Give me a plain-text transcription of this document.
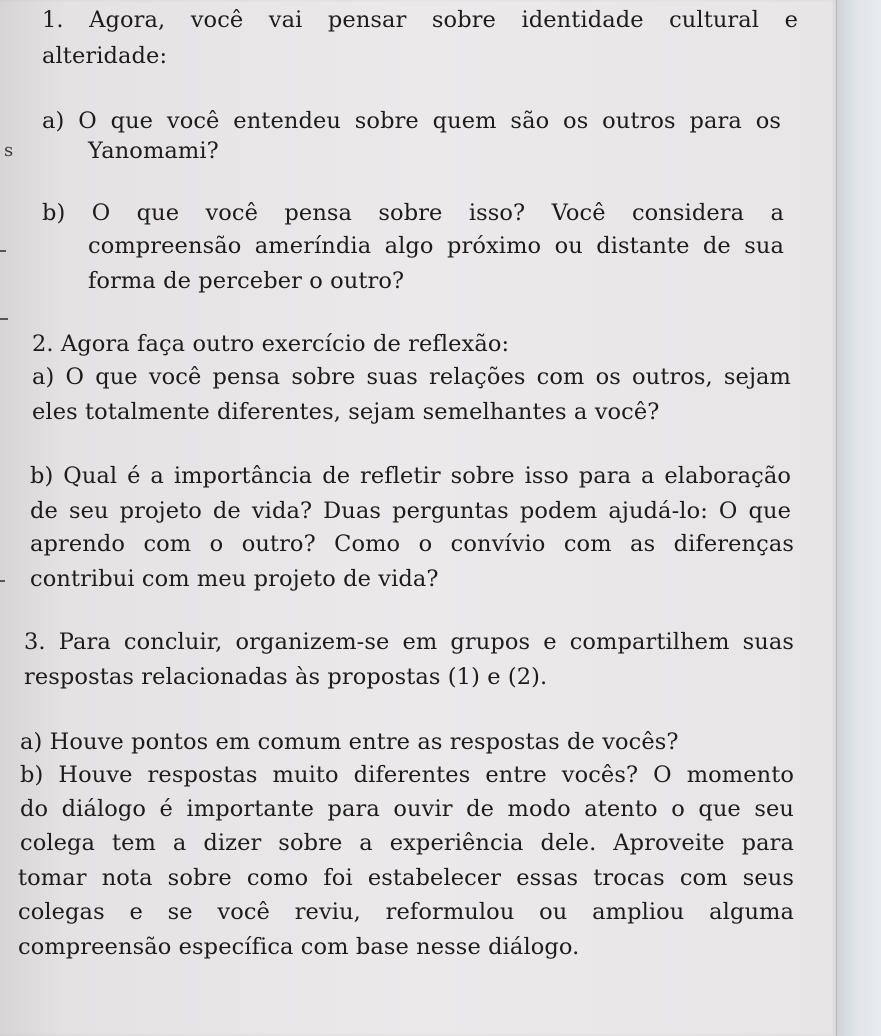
1. Agora, você vai pensar sobre identidade cultural e
alteridade:
a) O que você entendeu sobre quem são os outros para os
Yanomami?
b) O que você pensa sobre isso? Você considera a
compreensão ameríndia algo próximo ou distante de sua
forma de perceber o outro?
2. Agora faça outro exercício de reflexão:
a) O que você pensa sobre suas relações com os outros, sejam
eles totalmente diferentes, sejam semelhantes a você?
b) Qual é a importância de refletir sobre isso para a elaboração
de seu projeto de vida? Duas perguntas podem ajudá-lo: O que
aprendo com o outro? Como o convívio com as diferenças
contribui com meu projeto de vida?
3. Para concluir, organizem-se em grupos e compartilhem suas
respostas relacionadas às propostas (1) e (2).
a) Houve pontos em comum entre as respostas de vocês?
b) Houve respostas muito diferentes entre vocês? O momento
do diálogo é importante para ouvir de modo atento o que seu
colega tem a dizer sobre a experiência dele. Aproveite para
tomar nota sobre como foi estabelecer essas trocas com seus
colegas e se você reviu, reformulou ou ampliou alguma
compreensão específica com base nesse diálogo.
s
